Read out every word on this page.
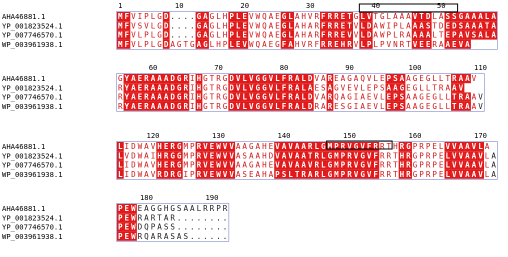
1	10	20	30	40	50
AHA46881.1	M F V I P L G D . . . . G A G L H P L E V W Q A E G L A H V R F R R E T G L V T G L A A A V T D L A S S G A A A L A
YP_001823524.1	M F V S V L G D . . . . G A G L H P L E V W Q A E G L A H A R F R R E T V L D A W I P L A A A S T D E D S A A A T A
YP_007746570.1	M F V L P L G D . . . . G A G L H P L E V W Q A E G L A H A R F R R E V V L D A W P L R A A A A L T E P A V S A L A
WP_003961938.1	M F V L P L G D A G T G A G L H P L E V W Q A E G F A H V R F R R E H R V L P L P V N R T V E E R A A E V A .
60	70	80	90	100	110
AHA46881.1	G Y A E R A A A D G R I H G T R G D V L V G G V L F R A L D V A R E A G A Q V L E P S A A G E G L L T R A A V
YP_001823524.1	R Y A E R A A A D G R I H G T R G D V L V G G V L F R A L A E S A G V E V L E P S A A G E G L L T R A A V
YP_007746570.1	R Y A E R A A A D G R I H G T R G D V L V G G V L F R A L D V A R Q A G I A E V L E P S A A G E G L L T R A A V
WP_003961938.1	R Y A E R A A A D G R I H G T R G D V L V G G V L F R A L D R A R E S G I A E V L E P S A A G E G L L T R A A V
120	130	140	150	160	170
AHA46881.1	L I D W A V H E R G M P R V E W V V A A G A H E V A V A A R L G M P R V G V F R R T H R G P R P E L V V A A V L A
YP_001823524.1	L V D W A I H R G G M P R V E W V V A S A A H D V A V A A T R L G M P R V G V F R R T H R G P R P E L V V A A V L A
YP_007746570.1	L I D W A V H E R G M P R V E W V V A A G A H E V A V A A V R L G M P R V G V F R R T H R G P R P E L V V A A V L A
WP_003961938.1	L I D W A V R D R G I P R V E W V V A S E A H A P S L T R A R L G M P R V G V F R R T H R G P R P E L V V A A V L A
180	190
AHA46881.1	P E W E A G G H G S A A L R R P R
YP_001823524.1	P E W R A R T A R . . . . . . . .
YP_007746570.1	P E W D Q P A S S . . . . . . . .
WP_003961938.1	P E W R Q A R A S A S . . . . . .
